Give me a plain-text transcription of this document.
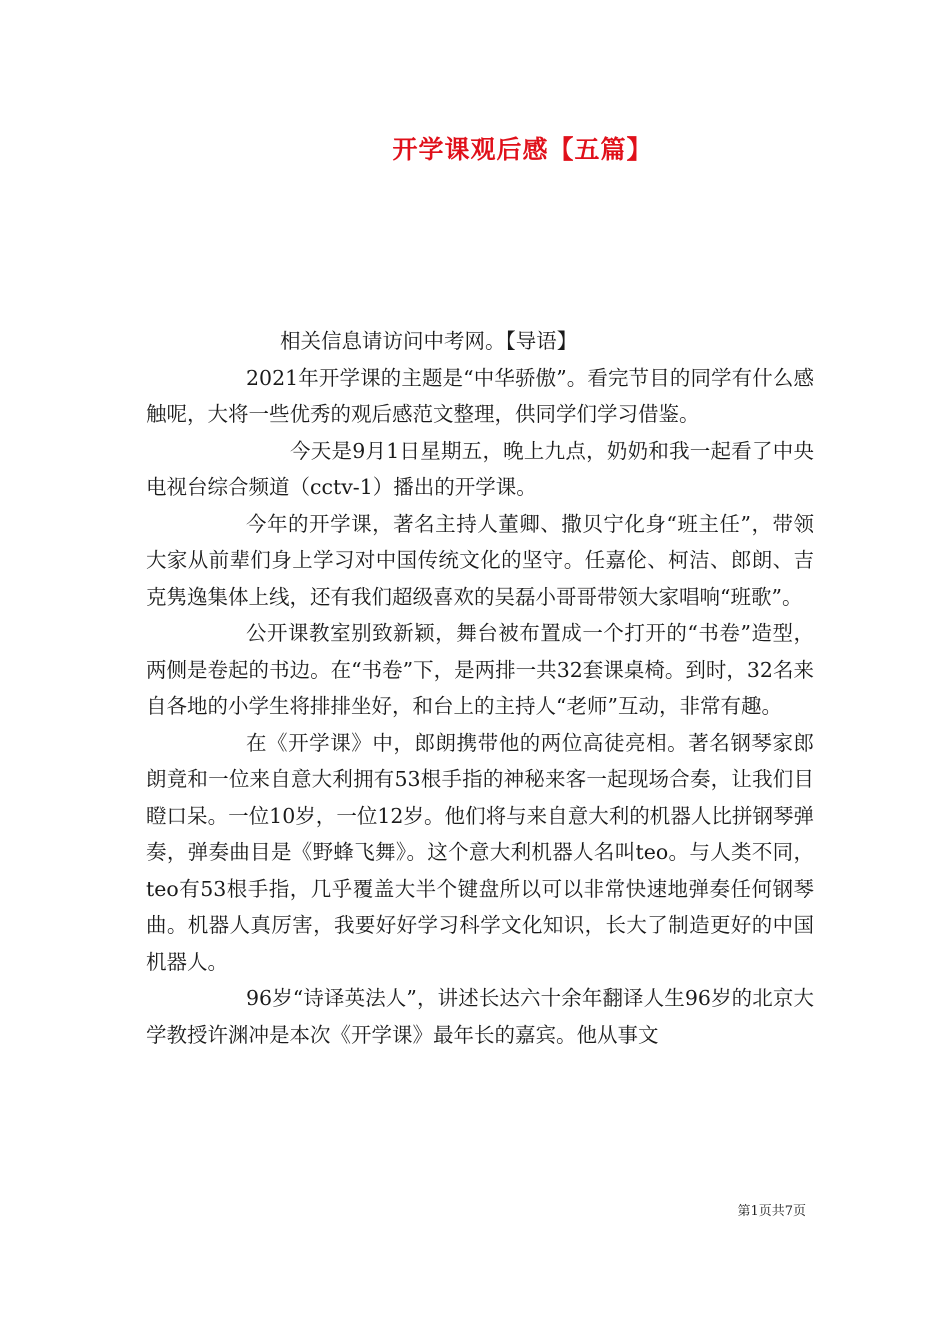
开学课观后感【五篇】

相关信息请访问中考网。【导语】

2021年开学课的主题是“中华骄傲”。看完节目的同学有什么感触呢，大将一些优秀的观后感范文整理，供同学们学习借鉴。

今天是9月1日星期五，晚上九点，奶奶和我一起看了中央电视台综合频道（cctv-1）播出的开学课。

今年的开学课，著名主持人董卿、撒贝宁化身“班主任”，带领大家从前辈们身上学习对中国传统文化的坚守。任嘉伦、柯洁、郎朗、吉克隽逸集体上线，还有我们超级喜欢的吴磊小哥哥带领大家唱响“班歌”。

公开课教室别致新颖，舞台被布置成一个打开的“书卷”造型，两侧是卷起的书边。在“书卷”下，是两排一共32套课桌椅。到时，32名来自各地的小学生将排排坐好，和台上的主持人“老师”互动，非常有趣。

在《开学课》中，郎朗携带他的两位高徒亮相。著名钢琴家郎朗竟和一位来自意大利拥有53根手指的神秘来客一起现场合奏，让我们目瞪口呆。一位10岁，一位12岁。他们将与来自意大利的机器人比拼钢琴弹奏，弹奏曲目是《野蜂飞舞》。这个意大利机器人名叫teo。与人类不同，teo有53根手指，几乎覆盖大半个键盘所以可以非常快速地弹奏任何钢琴曲。机器人真厉害，我要好好学习科学文化知识，长大了制造更好的中国机器人。

96岁“诗译英法人”，讲述长达六十余年翻译人生96岁的北京大学教授许渊冲是本次《开学课》最年长的嘉宾。他从事文

第1页共7页
